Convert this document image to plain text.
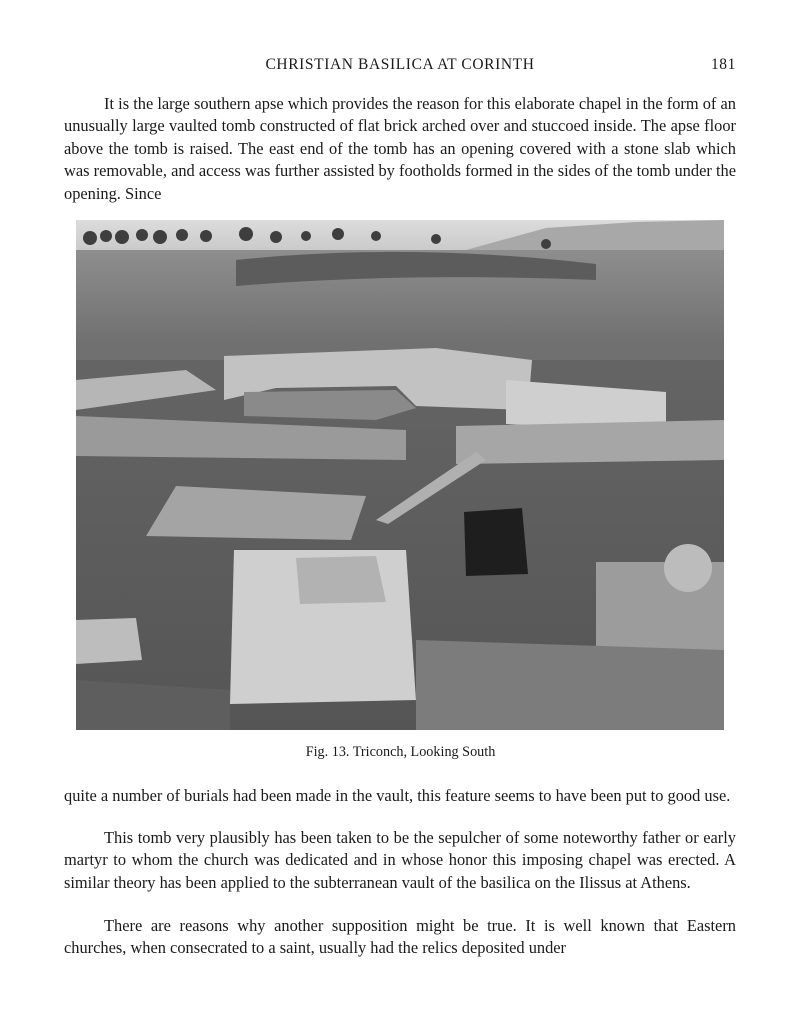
CHRISTIAN BASILICA AT CORINTH	181

It is the large southern apse which provides the reason for this elaborate chapel in the form of an unusually large vaulted tomb constructed of flat brick arched over and stuccoed inside. The apse floor above the tomb is raised. The east end of the tomb has an opening covered with a stone slab which was removable, and access was further assisted by footholds formed in the sides of the tomb under the opening. Since

Fig. 13. Triconch, Looking South

quite a number of burials had been made in the vault, this feature seems to have been put to good use.

This tomb very plausibly has been taken to be the sepulcher of some noteworthy father or early martyr to whom the church was dedicated and in whose honor this imposing chapel was erected. A similar theory has been applied to the subterranean vault of the basilica on the Ilissus at Athens.

There are reasons why another supposition might be true. It is well known that Eastern churches, when consecrated to a saint, usually had the relics deposited under
